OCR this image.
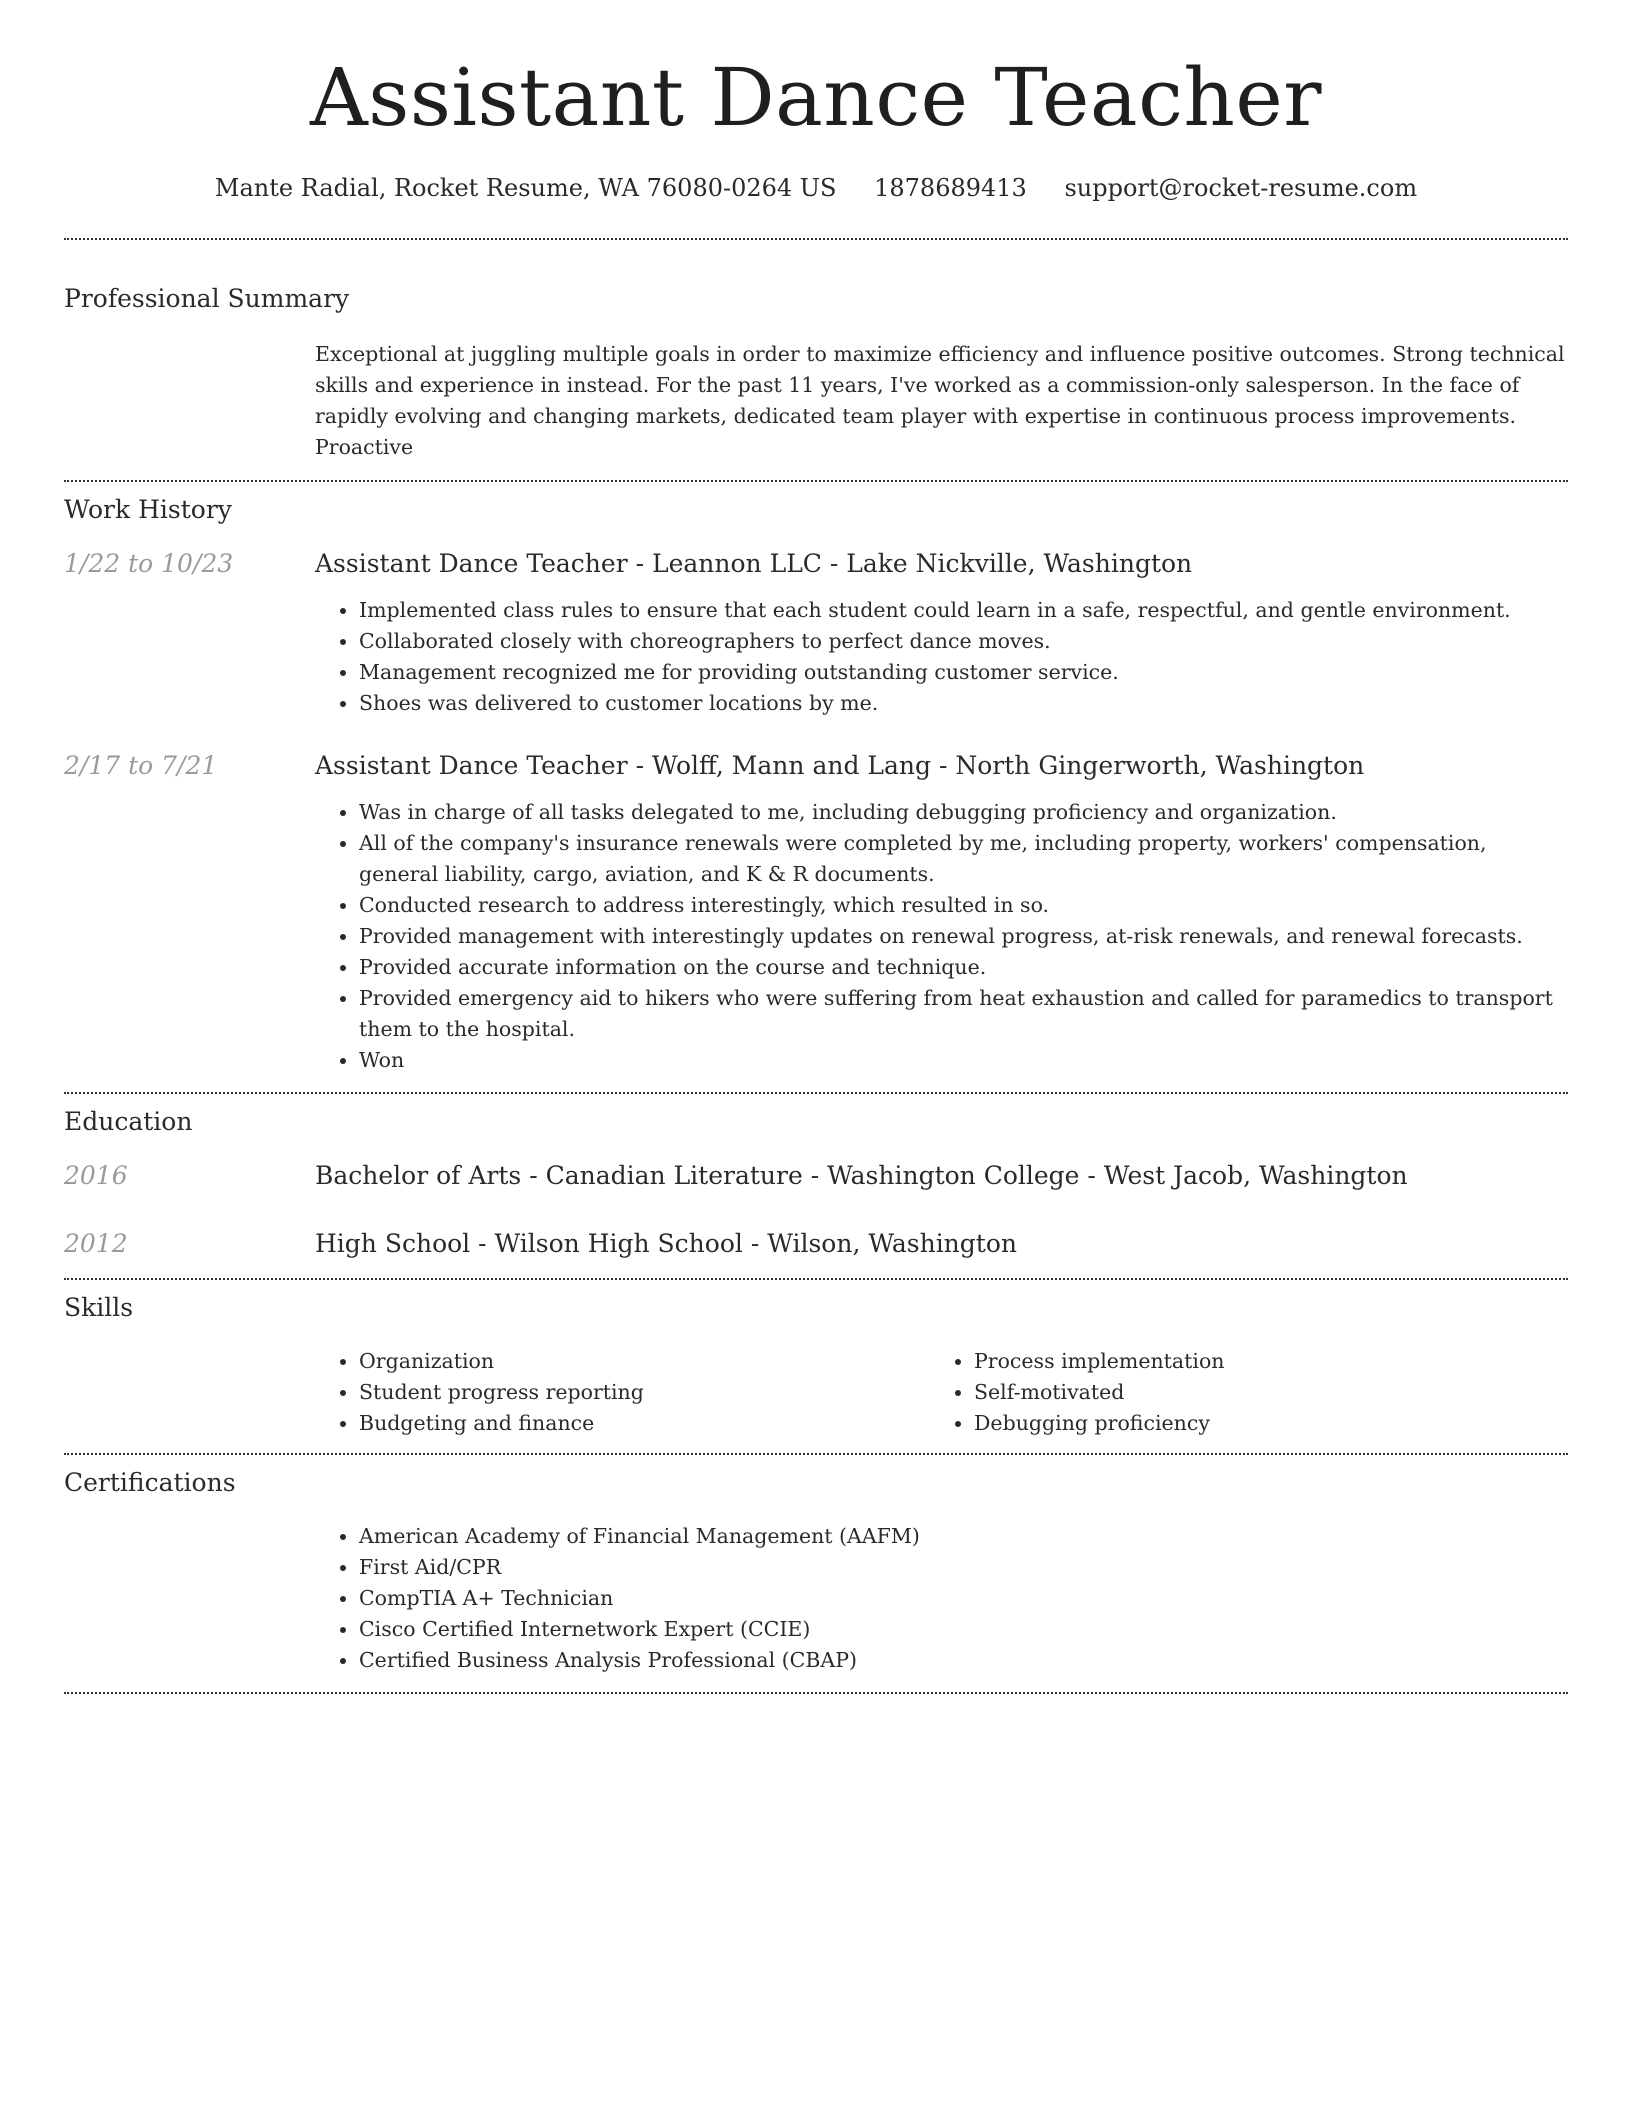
Assistant Dance Teacher
Mante Radial, Rocket Resume, WA 76080-0264 US 1878689413 support@rocket-resume.com
Professional Summary
Exceptional at juggling multiple goals in order to maximize efficiency and influence positive outcomes. Strong technical skills and experience in instead. For the past 11 years, I've worked as a commission-only salesperson. In the face of rapidly evolving and changing markets, dedicated team player with expertise in continuous process improvements. Proactive
Work History
1/22 to 10/23	Assistant Dance Teacher - Leannon LLC - Lake Nickville, Washington
• Implemented class rules to ensure that each student could learn in a safe, respectful, and gentle environment.
• Collaborated closely with choreographers to perfect dance moves.
• Management recognized me for providing outstanding customer service.
• Shoes was delivered to customer locations by me.
2/17 to 7/21	Assistant Dance Teacher - Wolff, Mann and Lang - North Gingerworth, Washington
• Was in charge of all tasks delegated to me, including debugging proficiency and organization.
• All of the company's insurance renewals were completed by me, including property, workers' compensation, general liability, cargo, aviation, and K & R documents.
• Conducted research to address interestingly, which resulted in so.
• Provided management with interestingly updates on renewal progress, at-risk renewals, and renewal forecasts.
• Provided accurate information on the course and technique.
• Provided emergency aid to hikers who were suffering from heat exhaustion and called for paramedics to transport them to the hospital.
• Won
Education
2016	Bachelor of Arts - Canadian Literature - Washington College - West Jacob, Washington
2012	High School - Wilson High School - Wilson, Washington
Skills
• Organization
• Student progress reporting
• Budgeting and finance
• Process implementation
• Self-motivated
• Debugging proficiency
Certifications
• American Academy of Financial Management (AAFM)
• First Aid/CPR
• CompTIA A+ Technician
• Cisco Certified Internetwork Expert (CCIE)
• Certified Business Analysis Professional (CBAP)
